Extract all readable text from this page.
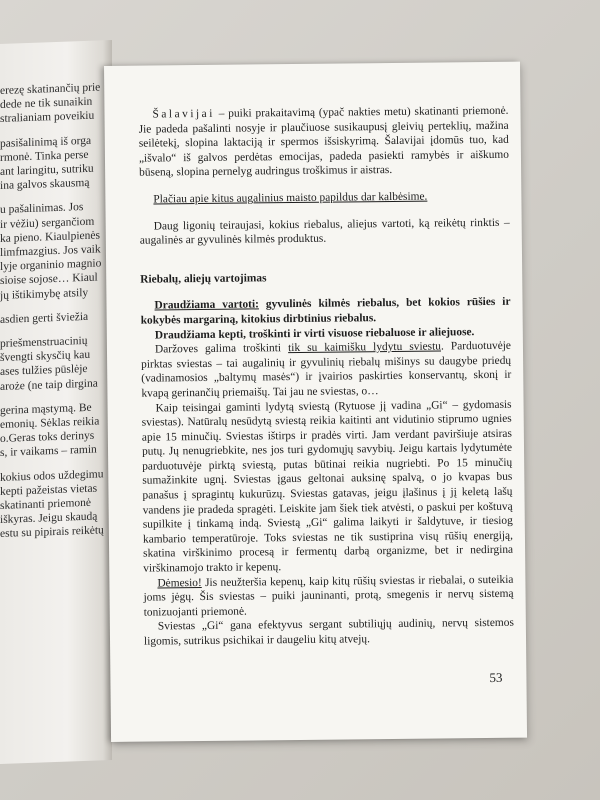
erezę skatinančių prie
dede ne tik sunaikin
stralianiam poveikiu
pasišalinimą iš orga
rmonė. Tinka perse
ant laringitu, sutriku
ina galvos skausmą
u pašalinimas. Jos
ir vėžiu) sergančiom
ka pieno. Kiaulpienės
limfmazgius. Jos vaik
lyje organinio magnio
sioise sojose… Kiaul
jų ištikimybę atsily
asdien gerti šviežia
priešmenstruacinių
švengti skysčių kau
ases tulžies pūslėje
aroże (ne taip dirgina
gerina mąstymą. Be
emonių. Sėklas reikia
o.Geras toks derinys
s, ir vaikams – ramin
kokius odos uždegimu
kepti pažeistas vietas
skatinanti priemonė
iškyras. Jeigu skaudą
estu su pipirais reikėtų

Šalavijai – puiki prakaitavimą (ypač nakties metu) skatinanti priemonė. Jie padeda pašalinti nosyje ir plaučiuose susikaupusį gleivių perteklių, mažina seilėtekį, slopina laktaciją ir spermos išsiskyrimą. Šalavijai įdomūs tuo, kad „išvalo“ iš galvos perdėtas emocijas, padeda pasiekti ramybės ir aiškumo būseną, slopina pernelyg audringus troškimus ir aistras.

Plačiau apie kitus augalinius maisto papildus dar kalbėsime.

Daug ligonių teiraujasi, kokius riebalus, aliejus vartoti, ką reikėtų rinktis – augalinės ar gyvulinės kilmės produktus.

Riebalų, aliejų vartojimas

Draudžiama vartoti: gyvulinės kilmės riebalus, bet kokios rūšies ir kokybės margariną, kitokius dirbtinius riebalus.

Draudžiama kepti, troškinti ir virti visuose riebaluose ir aliejuose.

Daržoves galima troškinti tik su kaimišku lydytu sviestu. Parduotuvėje pirktas sviestas – tai augalinių ir gyvulinių riebalų mišinys su daugybe priedų (vadinamosios „baltymų masės“) ir įvairios paskirties konservantų, skonį ir kvapą gerinančių priemaišų. Tai jau ne sviestas, o…

Kaip teisingai gaminti lydytą sviestą (Rytuose jį vadina „Gi“ – gydomasis sviestas). Natūralų nesūdytą sviestą reikia kaitinti ant vidutinio stiprumo ugnies apie 15 minučių. Sviestas ištirps ir pradės virti. Jam verdant paviršiuje atsiras putų. Jų nenugriebkite, nes jos turi gydomųjų savybių. Jeigu kartais lydytumėte parduotuvėje pirktą sviestą, putas būtinai reikia nugriebti. Po 15 minučių sumažinkite ugnį. Sviestas įgaus geltonai auksinę spalvą, o jo kvapas bus panašus į spragintų kukurūzų. Sviestas gatavas, jeigu įlašinus į jį keletą lašų vandens jie pradeda spragėti. Leiskite jam šiek tiek atvėsti, o paskui per koštuvą supilkite į tinkamą indą. Sviestą „Gi“ galima laikyti ir šaldytuve, ir tiesiog kambario temperatūroje. Toks sviestas ne tik sustiprina visų rūšių energiją, skatina virškinimo procesą ir fermentų darbą organizme, bet ir nedirgina virškinamojo trakto ir kepenų.

Dėmesio! Jis neužteršia kepenų, kaip kitų rūšių sviestas ir riebalai, o suteikia joms jėgų. Šis sviestas – puiki jauninanti, protą, smegenis ir nervų sistemą tonizuojanti priemonė.

Sviestas „Gi“ gana efektyvus sergant subtiliųjų audinių, nervų sistemos ligomis, sutrikus psichikai ir daugeliu kitų atvejų.

53
